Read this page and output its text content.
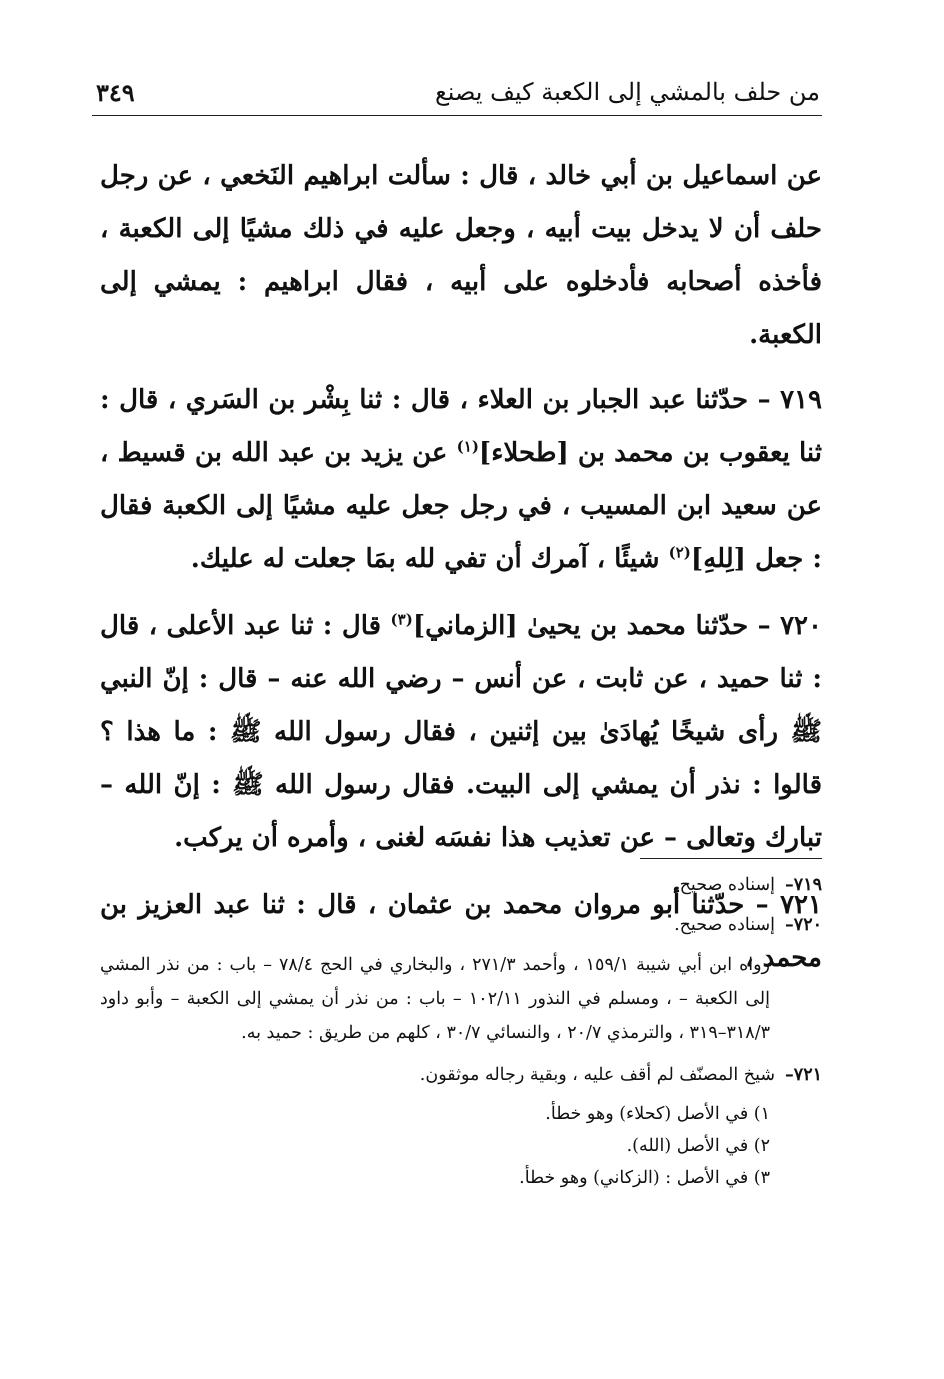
من حلف بالمشي إلى الكعبة كيف يصنع
٣٤٩

عن اسماعيل بن أبي خالد ، قال : سألت ابراهيم النَخعي ، عن رجل حلف أن لا يدخل بيت أبيه ، وجعل عليه في ذلك مشيًا إلى الكعبة ، فأخذه أصحابه فأدخلوه على أبيه ، فقال ابراهيم : يمشي إلى الكعبة.

٧١٩ – حدّثنا عبد الجبار بن العلاء ، قال : ثنا بِشْر بن السَري ، قال : ثنا يعقوب بن محمد بن [طحلاء]$^{(١)}$ عن يزيد بن عبد الله بن قسيط ، عن سعيد ابن المسيب ، في رجل جعل عليه مشيًا إلى الكعبة فقال : جعل [لِلهِ]$^{(٢)}$ شيئًا ، آمرك أن تفي لله بمَا جعلت له عليك.

٧٢٠ – حدّثنا محمد بن يحيىٰ [الزماني]$^{(٣)}$ قال : ثنا عبد الأعلى ، قال : ثنا حميد ، عن ثابت ، عن أنس – رضي الله عنه – قال : إنّ النبي ﷺ رأى شيخًا يُهادَىٰ بين إثنين ، فقال رسول الله ﷺ : ما هذا ؟ قالوا : نذر أن يمشي إلى البيت. فقال رسول الله ﷺ : إنّ الله – تبارك وتعالى – عن تعذيب هذا نفسَه لغنى ، وأمره أن يركب.

٧٢١ – حدّثنا أبو مروان محمد بن عثمان ، قال : ثنا عبد العزيز بن محمد ،

٧١٩–إسناده صحيح.
٧٢٠–إسناده صحيح.
رواه ابن أبي شيبة ١٥٩/١ ، وأحمد ٢٧١/٣ ، والبخاري في الحج ٧٨/٤ – باب : من نذر المشي إلى الكعبة – ، ومسلم في النذور ١٠٢/١١ – باب : من نذر أن يمشي إلى الكعبة – وأبو داود ٣١٨/٣–٣١٩ ، والترمذي ٢٠/٧ ، والنسائي ٣٠/٧ ، كلهم من طريق : حميد به.
٧٢١–شيخ المصنّف لم أقف عليه ، وبقية رجاله موثقون.
١) في الأصل (كحلاء) وهو خطأ.
٢) في الأصل (الله).
٣) في الأصل : (الزكاني) وهو خطأ.
